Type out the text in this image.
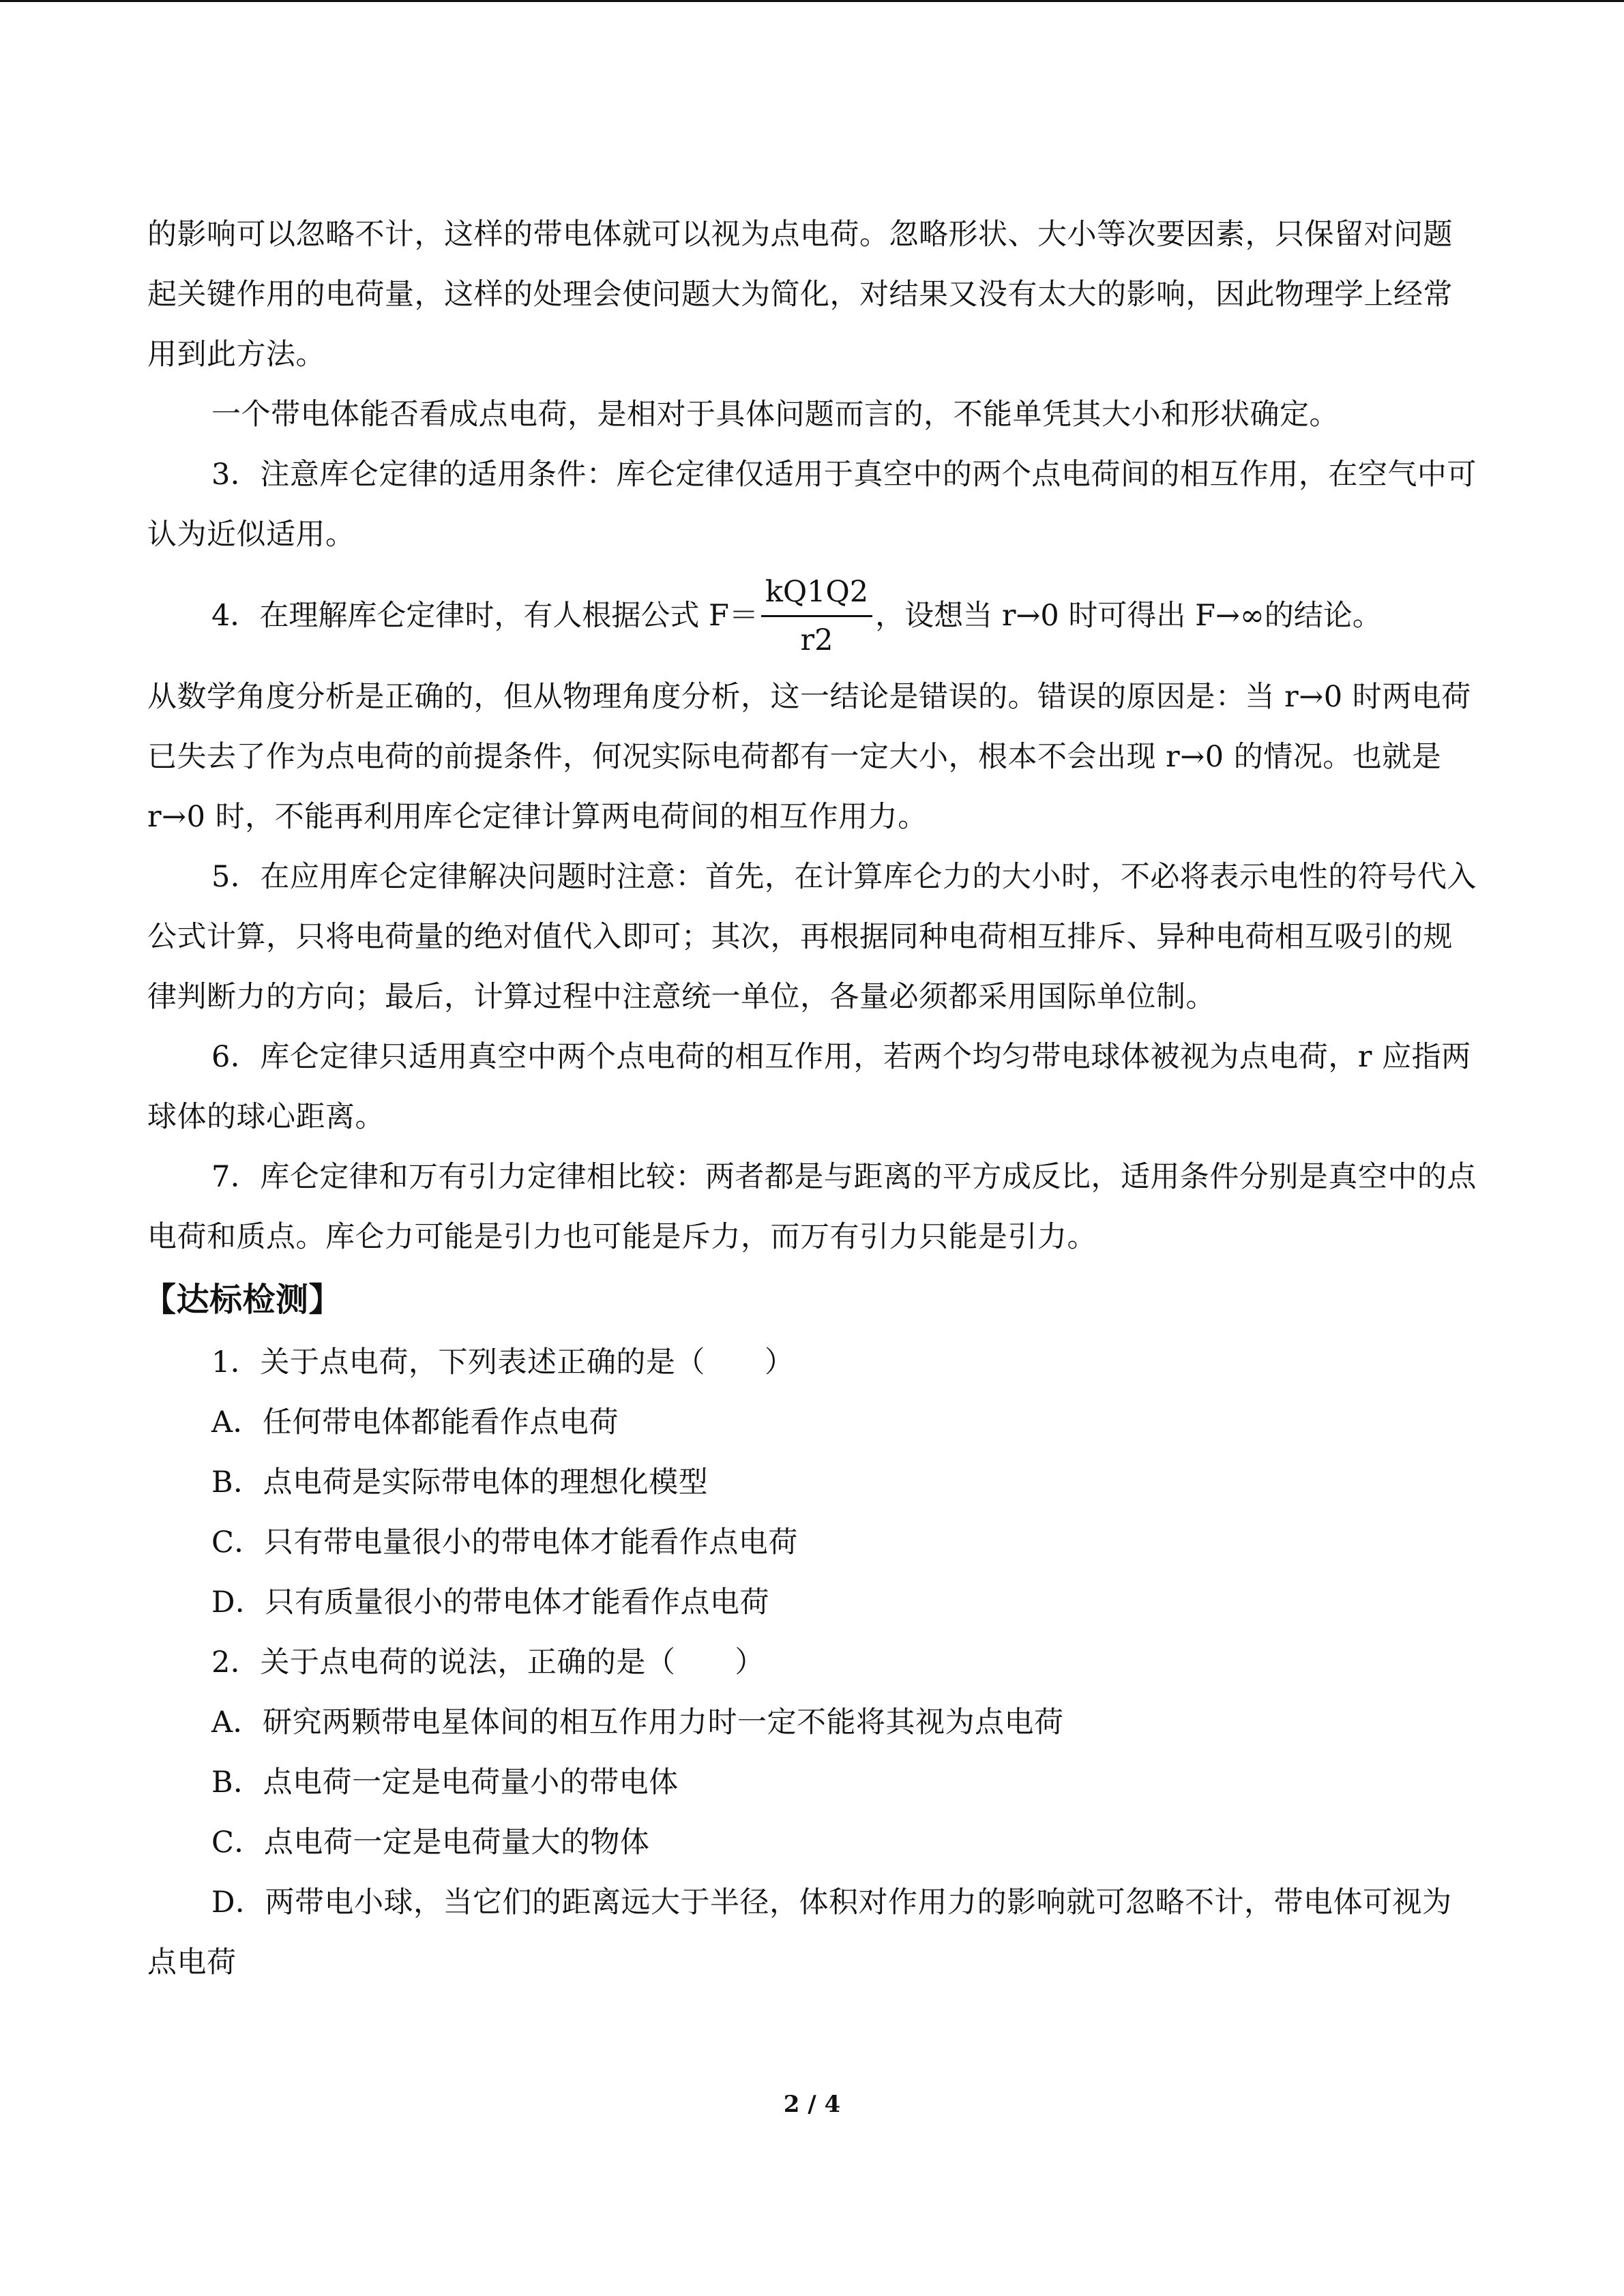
的影响可以忽略不计，这样的带电体就可以视为点电荷。忽略形状、大小等次要因素，只保留对问题起关键作用的电荷量，这样的处理会使问题大为简化，对结果又没有太大的影响，因此物理学上经常用到此方法。

一个带电体能否看成点电荷，是相对于具体问题而言的，不能单凭其大小和形状确定。

3．注意库仑定律的适用条件：库仑定律仅适用于真空中的两个点电荷间的相互作用，在空气中可认为近似适用。

4．在理解库仑定律时，有人根据公式 $F= \frac{kQ1Q2}{r2}$ ，设想当 r→0 时可得出 F→∞的结论。

从数学角度分析是正确的，但从物理角度分析，这一结论是错误的。错误的原因是：当 r→0 时两电荷已失去了作为点电荷的前提条件，何况实际电荷都有一定大小，根本不会出现 r→0 的情况。也就是 r→0 时，不能再利用库仑定律计算两电荷间的相互作用力。

5．在应用库仑定律解决问题时注意：首先，在计算库仑力的大小时，不必将表示电性的符号代入公式计算，只将电荷量的绝对值代入即可；其次，再根据同种电荷相互排斥、异种电荷相互吸引的规律判断力的方向；最后，计算过程中注意统一单位，各量必须都采用国际单位制。

6．库仑定律只适用真空中两个点电荷的相互作用，若两个均匀带电球体被视为点电荷，r 应指两球体的球心距离。

7．库仑定律和万有引力定律相比较：两者都是与距离的平方成反比，适用条件分别是真空中的点电荷和质点。库仑力可能是引力也可能是斥力，而万有引力只能是引力。

【达标检测】

1．关于点电荷，下列表述正确的是（　　）

A．任何带电体都能看作点电荷

B．点电荷是实际带电体的理想化模型

C．只有带电量很小的带电体才能看作点电荷

D．只有质量很小的带电体才能看作点电荷

2．关于点电荷的说法，正确的是（　　）

A．研究两颗带电星体间的相互作用力时一定不能将其视为点电荷

B．点电荷一定是电荷量小的带电体

C．点电荷一定是电荷量大的物体

D．两带电小球，当它们的距离远大于半径，体积对作用力的影响就可忽略不计，带电体可视为点电荷

2 / 4
